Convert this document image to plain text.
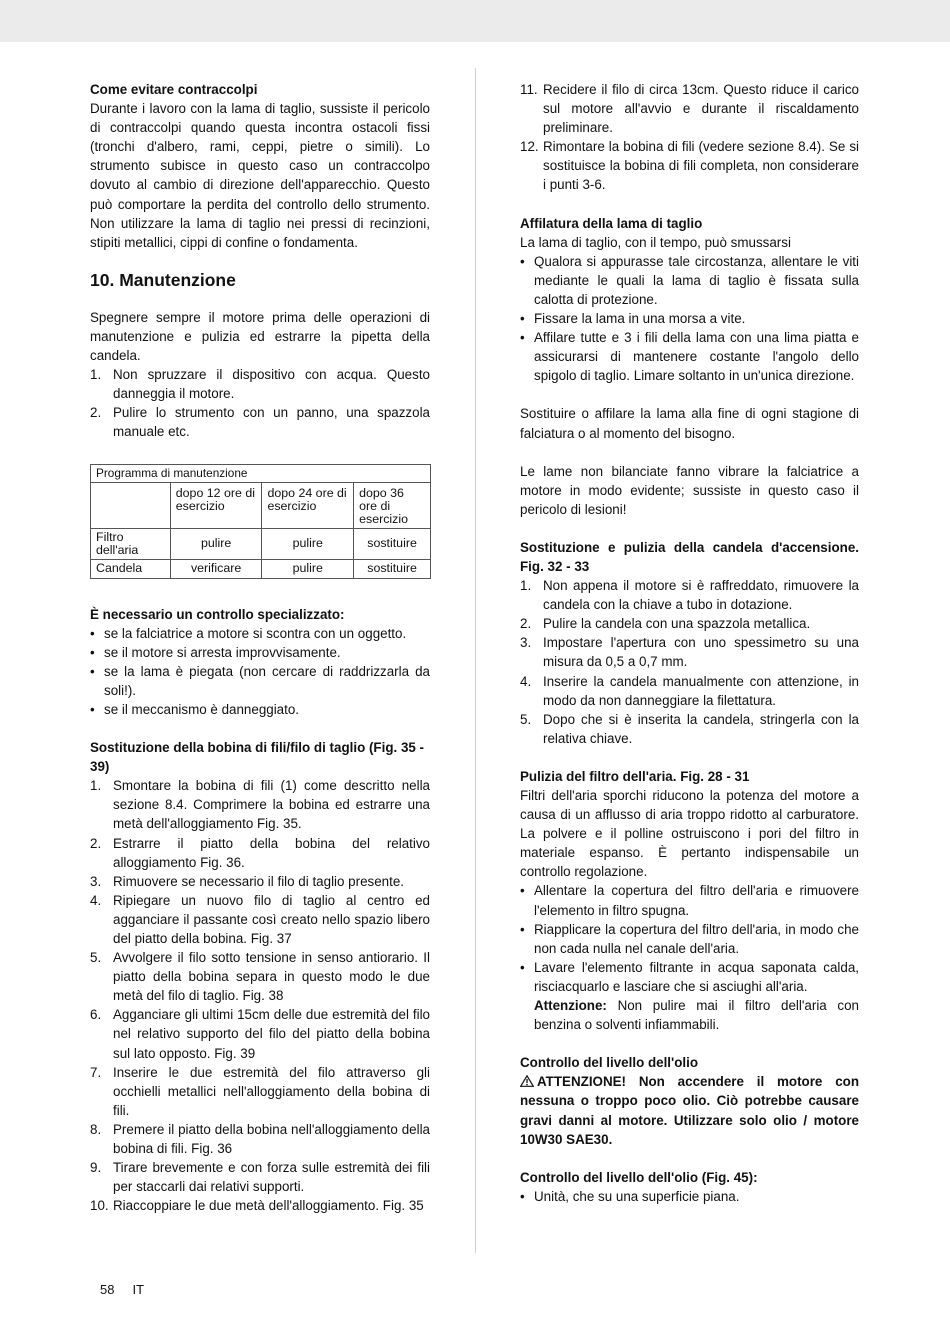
Come evitare contraccolpi
Durante i lavoro con la lama di taglio, sussiste il pericolo di contraccolpi quando questa incontra ostacoli fissi (tronchi d'albero, rami, ceppi, pietre o simili). Lo strumento subisce in questo caso un contraccolpo dovuto al cambio di direzione dell'apparecchio. Questo può comportare la perdita del controllo dello strumento. Non utilizzare la lama di taglio nei pressi di recinzioni, stipiti metallici, cippi di confine o fondamenta.
10. Manutenzione
Spegnere sempre il motore prima delle operazioni di manutenzione e pulizia ed estrarre la pipetta della candela.
1. Non spruzzare il dispositivo con acqua. Questo danneggia il motore.
2. Pulire lo strumento con un panno, una spazzola manuale etc.
Programma di manutenzione			
	dopo 12 ore di esercizio	dopo 24 ore di esercizio	dopo 36 ore di esercizio
Filtro dell'aria	pulire	pulire	sostituire
Candela	verificare	pulire	sostituire
È necessario un controllo specializzato:
• se la falciatrice a motore si scontra con un oggetto.
• se il motore si arresta improvvisamente.
• se la lama è piegata (non cercare di raddrizzarla da soli!).
• se il meccanismo è danneggiato.
Sostituzione della bobina di fili/filo di taglio (Fig. 35 - 39)
1. Smontare la bobina di fili (1) come descritto nella sezione 8.4. Comprimere la bobina ed estrarre una metà dell'alloggiamento Fig. 35.
2. Estrarre il piatto della bobina del relativo alloggiamento Fig. 36.
3. Rimuovere se necessario il filo di taglio presente.
4. Ripiegare un nuovo filo di taglio al centro ed agganciare il passante così creato nello spazio libero del piatto della bobina. Fig. 37
5. Avvolgere il filo sotto tensione in senso antiorario. Il piatto della bobina separa in questo modo le due metà del filo di taglio. Fig. 38
6. Agganciare gli ultimi 15cm delle due estremità del filo nel relativo supporto del filo del piatto della bobina sul lato opposto. Fig. 39
7. Inserire le due estremità del filo attraverso gli occhielli metallici nell'alloggiamento della bobina di fili.
8. Premere il piatto della bobina nell'alloggiamento della bobina di fili. Fig. 36
9. Tirare brevemente e con forza sulle estremità dei fili per staccarli dai relativi supporti.
10. Riaccoppiare le due metà dell'alloggiamento. Fig. 35
11. Recidere il filo di circa 13cm. Questo riduce il carico sul motore all'avvio e durante il riscaldamento preliminare.
12. Rimontare la bobina di fili (vedere sezione 8.4). Se si sostituisce la bobina di fili completa, non considerare i punti 3-6.
Affilatura della lama di taglio
La lama di taglio, con il tempo, può smussarsi
• Qualora si appurasse tale circostanza, allentare le viti mediante le quali la lama di taglio è fissata sulla calotta di protezione.
• Fissare la lama in una morsa a vite.
• Affilare tutte e 3 i fili della lama con una lima piatta e assicurarsi di mantenere costante l'angolo dello spigolo di taglio. Limare soltanto in un'unica direzione.
Sostituire o affilare la lama alla fine di ogni stagione di falciatura o al momento del bisogno.
Le lame non bilanciate fanno vibrare la falciatrice a motore in modo evidente; sussiste in questo caso il pericolo di lesioni!
Sostituzione e pulizia della candela d'accensione. Fig. 32 - 33
1. Non appena il motore si è raffreddato, rimuovere la candela con la chiave a tubo in dotazione.
2. Pulire la candela con una spazzola metallica.
3. Impostare l'apertura con uno spessimetro su una misura da 0,5 a 0,7 mm.
4. Inserire la candela manualmente con attenzione, in modo da non danneggiare la filettatura.
5. Dopo che si è inserita la candela, stringerla con la relativa chiave.
Pulizia del filtro dell'aria. Fig. 28 - 31
Filtri dell'aria sporchi riducono la potenza del motore a causa di un afflusso di aria troppo ridotto al carburatore. La polvere e il polline ostruiscono i pori del filtro in materiale espanso. È pertanto indispensabile un controllo regolazione.
• Allentare la copertura del filtro dell'aria e rimuovere l'elemento in filtro spugna.
• Riapplicare la copertura del filtro dell'aria, in modo che non cada nulla nel canale dell'aria.
• Lavare l'elemento filtrante in acqua saponata calda, risciacquarlo e lasciare che si asciughi all'aria.
Attenzione: Non pulire mai il filtro dell'aria con benzina o solventi infiammabili.
Controllo del livello dell'olio
ATTENZIONE! Non accendere il motore con nessuna o troppo poco olio. Ciò potrebbe causare gravi danni al motore. Utilizzare solo olio / motore 10W30 SAE30.
Controllo del livello dell'olio (Fig. 45):
• Unità, che su una superficie piana.
58 IT
